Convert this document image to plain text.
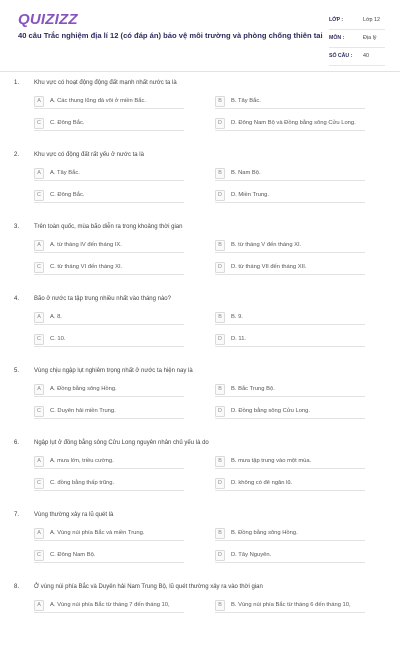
QUIZIZZ
40 câu Trắc nghiệm địa lí 12 (có đáp án) bảo vệ môi trường và phòng chống thiên tai
LỚP :	Lớp 12
MÔN :	Địa lý
SỐ CÂU : 40
1. Khu vực có hoạt động động đất mạnh nhất nước ta là
A	A. Các thung lũng đá vôi ở miền Bắc.	B	B. Tây Bắc.
C	C. Đông Bắc.	D	D. Đông Nam Bộ và Đồng bằng sông Cửu Long.
2. Khu vực có động đất rất yếu ở nước ta là
A	A. Tây Bắc.	B	B. Nam Bộ.
C	C. Đông Bắc.	D	D. Miền Trung.
3. Trên toàn quốc, mùa bão diễn ra trong khoảng thời gian
A	A. từ tháng IV đến tháng IX.	B	B. từ tháng V đến tháng XI.
C	C. từ tháng VI đến tháng XI.	D	D. từ tháng VII đến tháng XII.
4. Bão ở nước ta tập trung nhiều nhất vào tháng nào?
A	A. 8.	B	B. 9.
C	C. 10.	D	D. 11.
5. Vùng chịu ngập lụt nghiêm trọng nhất ở nước ta hiện nay là
A	A. Đồng bằng sông Hồng.	B	B. Bắc Trung Bộ.
C	C. Duyên hải miền Trung.	D	D. Đồng bằng sông Cửu Long.
6. Ngập lụt ở đồng bằng sông Cửu Long nguyên nhân chủ yếu là do
A	A. mưa lớn, triều cường.	B	B. mưa tập trung vào một mùa.
C	C. đồng bằng thấp trũng.	D	D. không có đê ngăn lũ.
7. Vùng thường xảy ra lũ quét là
A	A. Vùng núi phía Bắc và miền Trung.	B	B. Đồng bằng sông Hồng.
C	C. Đông Nam Bộ.	D	D. Tây Nguyên.
8. Ở vùng núi phía Bắc và Duyên hải Nam Trung Bộ, lũ quét thường xảy ra vào thời gian
A	A. Vùng núi phía Bắc từ tháng 7 đến tháng 10,	B	B. Vùng núi phía Bắc từ tháng 6 đến tháng 10,
